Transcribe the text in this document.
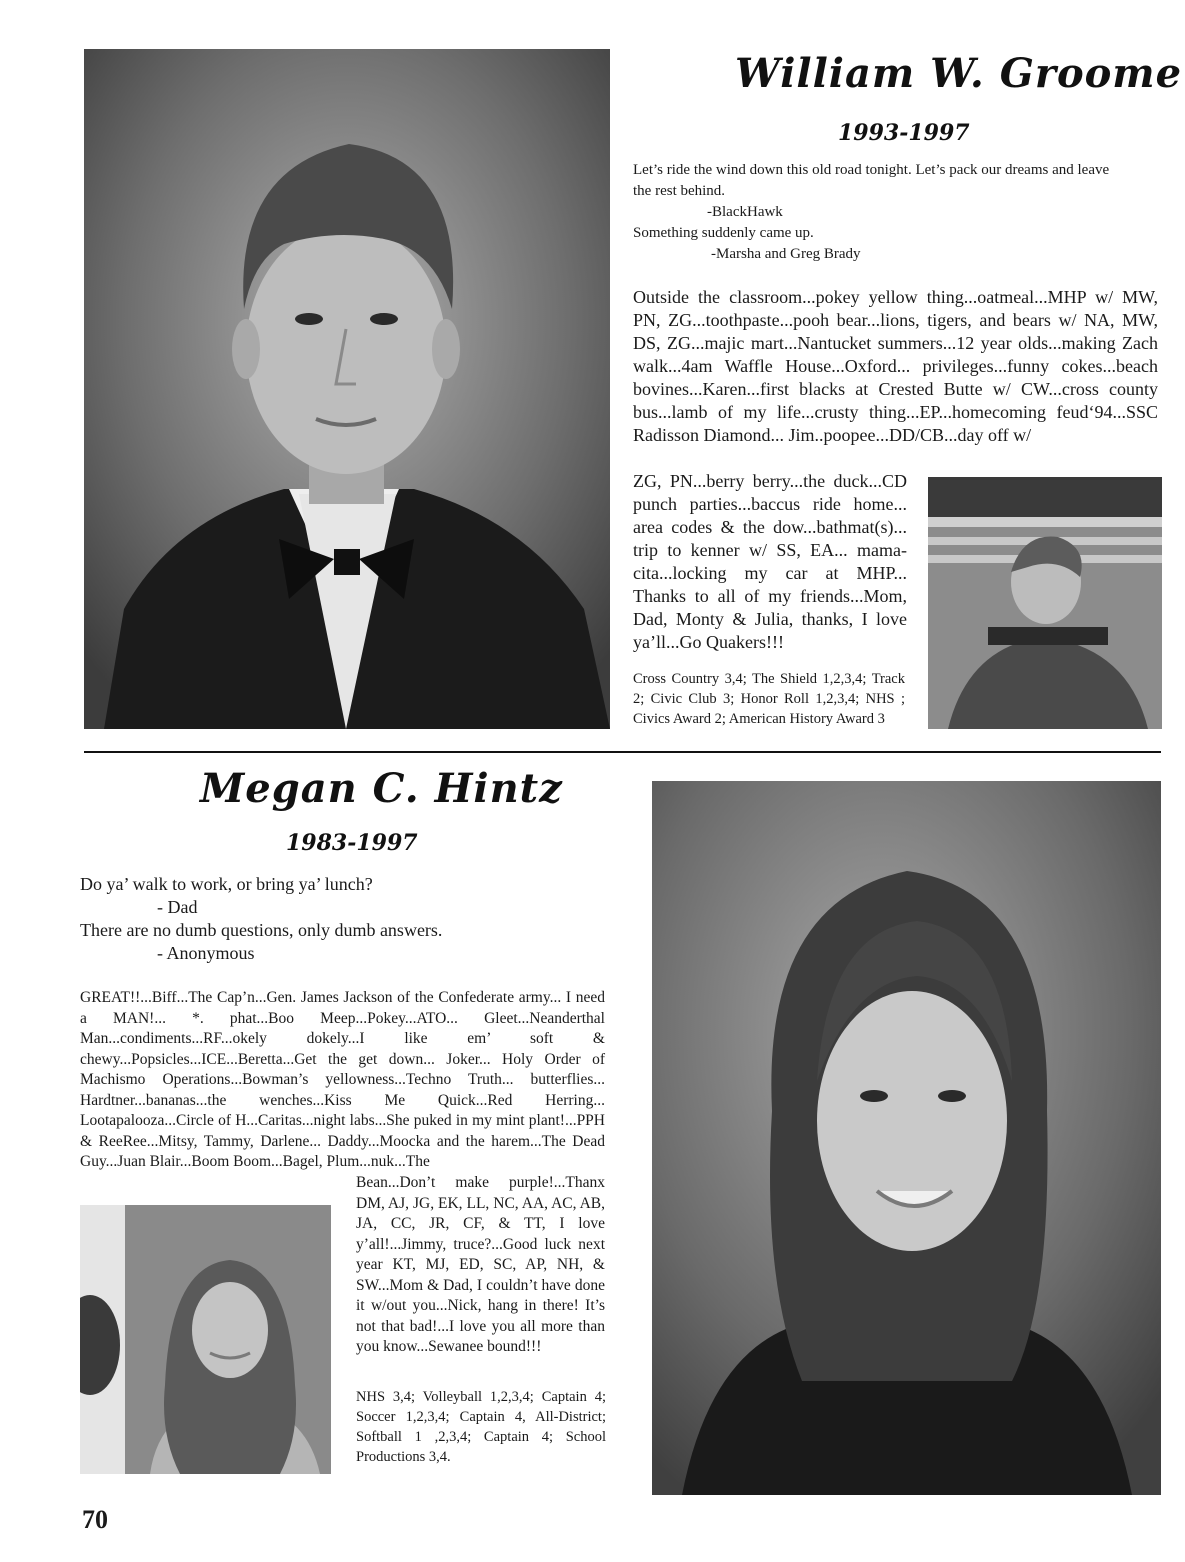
William W. Groome
1993-1997
Let’s ride the wind down this old road tonight. Let’s pack our dreams and leave
the rest behind.
-BlackHawk
Something suddenly came up.
-Marsha and Greg Brady
Outside the classroom...pokey yellow thing...oatmeal...MHP w/ MW, PN, ZG...toothpaste...pooh bear...lions, tigers, and bears w/ NA, MW, DS, ZG...majic mart...Nantucket summers...12 year olds...making Zach walk...4am Waffle House...Oxford... privileges...funny cokes...beach bovines...Karen...first blacks at Crested Butte w/ CW...cross county bus...lamb of my life...crusty thing...EP...homecoming feud‘94...SSC Radisson Diamond... Jim..poopee...DD/CB...day off w/
ZG, PN...berry berry...the duck...CD punch parties...baccus ride home... area codes & the dow...bathmat(s)... trip to kenner w/ SS, EA... mama-cita...locking my car at MHP... Thanks to all of my friends...Mom, Dad, Monty & Julia, thanks, I love ya’ll...Go Quakers!!!
Cross Country 3,4; The Shield 1,2,3,4; Track 2; Civic Club 3; Honor Roll 1,2,3,4; NHS ; Civics Award 2; American History Award 3
Megan C. Hintz
1983-1997
Do ya’ walk to work, or bring ya’ lunch?
- Dad
There are no dumb questions, only dumb answers.
- Anonymous
GREAT!!...Biff...The Cap’n...Gen. James Jackson of the Confederate army... I need a MAN!... *. phat...Boo Meep...Pokey...ATO... Gleet...Neanderthal Man...condiments...RF...okely dokely...I like em’ soft & chewy...Popsicles...ICE...Beretta...Get the get down... Joker... Holy Order of Machismo Operations...Bowman’s yellowness...Techno Truth... butterflies... Hardtner...bananas...the wenches...Kiss Me Quick...Red Herring... Lootapalooza...Circle of H...Caritas...night labs...She puked in my mint plant!...PPH & ReeRee...Mitsy, Tammy, Darlene... Daddy...Moocka and the harem...The Dead Guy...Juan Blair...Boom Boom...Bagel, Plum...nuk...The
Bean...Don’t make purple!...Thanx DM, AJ, JG, EK, LL, NC, AA, AC, AB, JA, CC, JR, CF, & TT, I love y’all!...Jimmy, truce?...Good luck next year KT, MJ, ED, SC, AP, NH, & SW...Mom & Dad, I couldn’t have done it w/out you...Nick, hang in there! It’s not that bad!...I love you all more than you know...Sewanee bound!!!
NHS 3,4; Volleyball 1,2,3,4; Captain 4; Soccer 1,2,3,4; Captain 4, All-District; Softball 1 ,2,3,4; Captain 4; School Productions 3,4.
70
